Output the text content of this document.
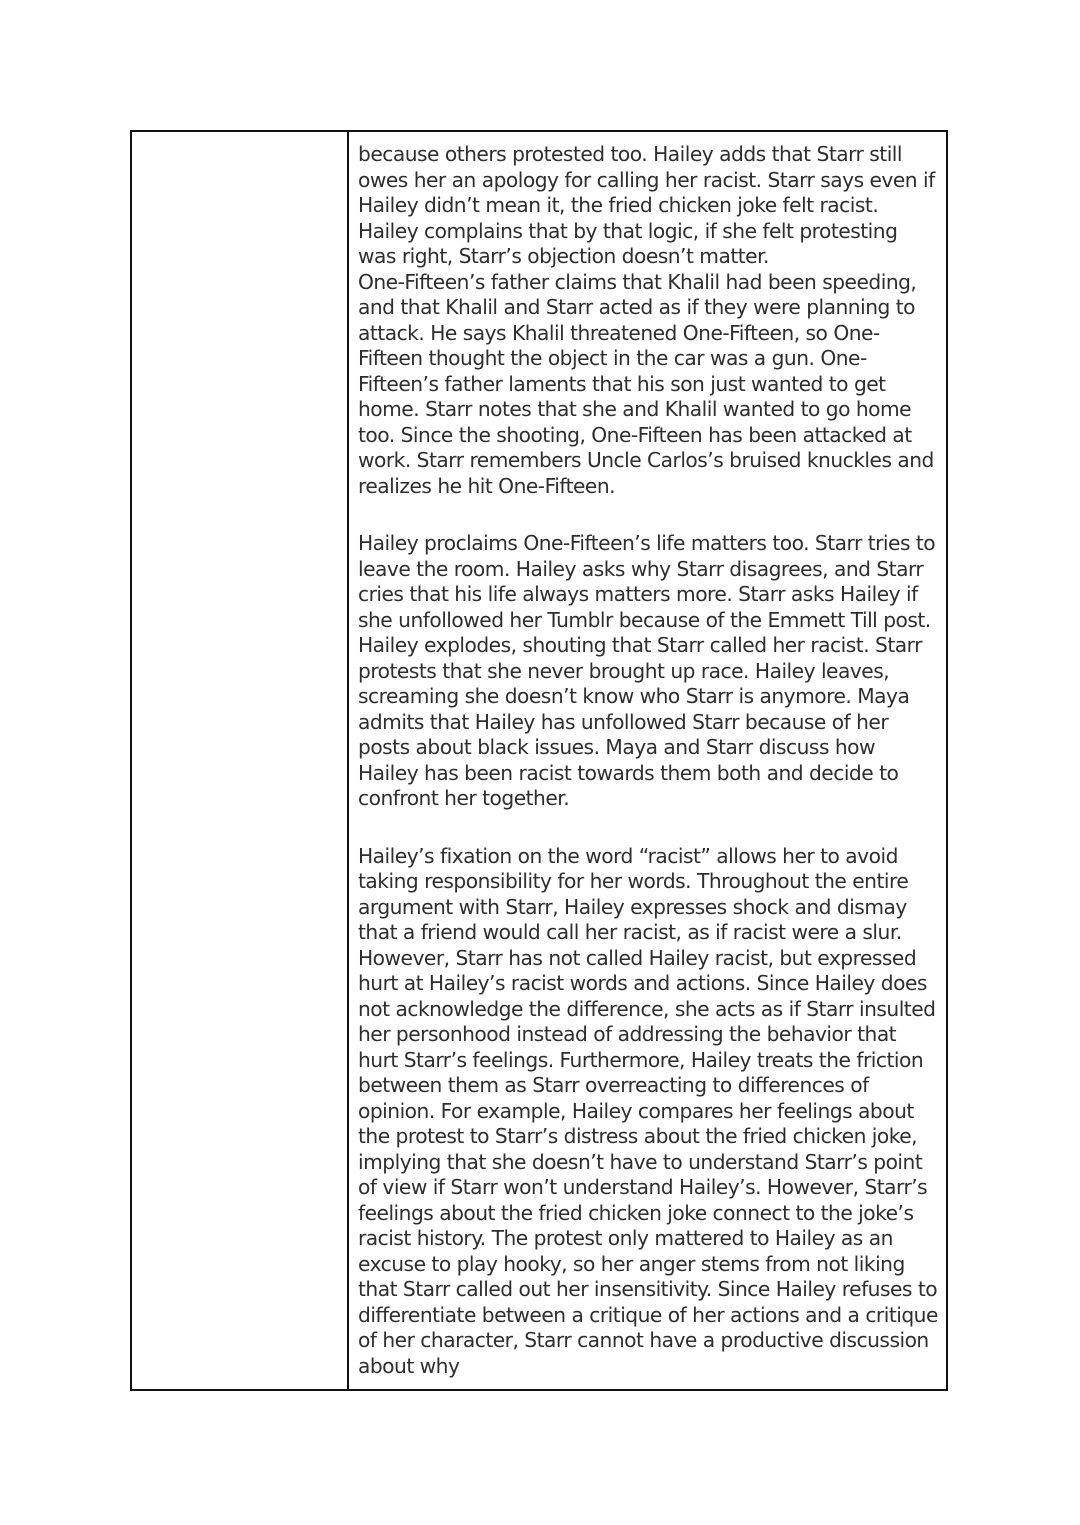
because others protested too. Hailey adds that Starr still owes her an apology for calling her racist. Starr says even if Hailey didn’t mean it, the fried chicken joke felt racist. Hailey complains that by that logic, if she felt protesting was right, Starr’s objection doesn’t matter.

One-Fifteen’s father claims that Khalil had been speeding, and that Khalil and Starr acted as if they were planning to attack. He says Khalil threatened One-Fifteen, so One-Fifteen thought the object in the car was a gun. One-Fifteen’s father laments that his son just wanted to get home. Starr notes that she and Khalil wanted to go home too. Since the shooting, One-Fifteen has been attacked at work. Starr remembers Uncle Carlos’s bruised knuckles and realizes he hit One-Fifteen.

Hailey proclaims One-Fifteen’s life matters too. Starr tries to leave the room. Hailey asks why Starr disagrees, and Starr cries that his life always matters more. Starr asks Hailey if she unfollowed her Tumblr because of the Emmett Till post. Hailey explodes, shouting that Starr called her racist. Starr protests that she never brought up race. Hailey leaves, screaming she doesn’t know who Starr is anymore. Maya admits that Hailey has unfollowed Starr because of her posts about black issues. Maya and Starr discuss how Hailey has been racist towards them both and decide to confront her together.

Hailey’s fixation on the word “racist” allows her to avoid taking responsibility for her words. Throughout the entire argument with Starr, Hailey expresses shock and dismay that a friend would call her racist, as if racist were a slur. However, Starr has not called Hailey racist, but expressed hurt at Hailey’s racist words and actions. Since Hailey does not acknowledge the difference, she acts as if Starr insulted her personhood instead of addressing the behavior that hurt Starr’s feelings. Furthermore, Hailey treats the friction between them as Starr overreacting to differences of opinion. For example, Hailey compares her feelings about the protest to Starr’s distress about the fried chicken joke, implying that she doesn’t have to understand Starr’s point of view if Starr won’t understand Hailey’s. However, Starr’s feelings about the fried chicken joke connect to the joke’s racist history. The protest only mattered to Hailey as an excuse to play hooky, so her anger stems from not liking that Starr called out her insensitivity. Since Hailey refuses to differentiate between a critique of her actions and a critique of her character, Starr cannot have a productive discussion about why
